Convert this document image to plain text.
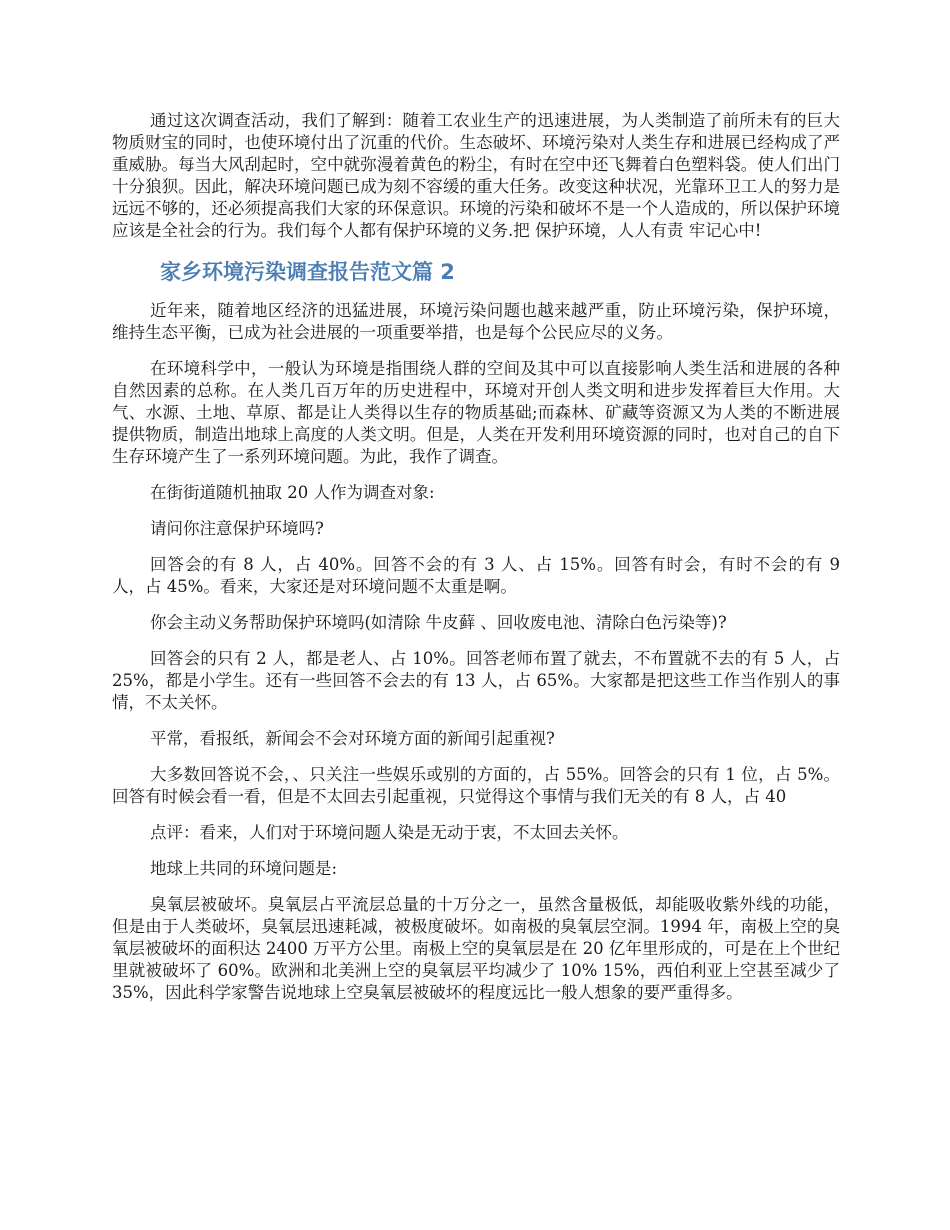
通过这次调查活动，我们了解到：随着工农业生产的迅速进展，为人类制造了前所未有的巨大物质财宝的同时，也使环境付出了沉重的代价。生态破坏、环境污染对人类生存和进展已经构成了严重威胁。每当大风刮起时，空中就弥漫着黄色的粉尘，有时在空中还飞舞着白色塑料袋。使人们出门十分狼狈。因此，解决环境问题已成为刻不容缓的重大任务。改变这种状况，光靠环卫工人的努力是远远不够的，还必须提高我们大家的环保意识。环境的污染和破坏不是一个人造成的，所以保护环境应该是全社会的行为。我们每个人都有保护环境的义务.把 保护环境，人人有责 牢记心中!

家乡环境污染调查报告范文篇 2

近年来，随着地区经济的迅猛进展，环境污染问题也越来越严重，防止环境污染，保护环境，维持生态平衡，已成为社会进展的一项重要举措，也是每个公民应尽的义务。

在环境科学中，一般认为环境是指围绕人群的空间及其中可以直接影响人类生活和进展的各种自然因素的总称。在人类几百万年的历史进程中，环境对开创人类文明和进步发挥着巨大作用。大气、水源、土地、草原、都是让人类得以生存的物质基础;而森林、矿藏等资源又为人类的不断进展提供物质，制造出地球上高度的人类文明。但是，人类在开发利用环境资源的同时，也对自己的自下生存环境产生了一系列环境问题。为此，我作了调查。

在街街道随机抽取 20 人作为调查对象:

请问你注意保护环境吗?

回答会的有 8 人，占 40%。回答不会的有 3 人、占 15%。回答有时会，有时不会的有 9 人，占 45%。看来，大家还是对环境问题不太重是啊。

你会主动义务帮助保护环境吗(如清除 牛皮藓 、回收废电池、清除白色污染等)?

回答会的只有 2 人，都是老人、占 10%。回答老师布置了就去，不布置就不去的有 5 人，占 25%，都是小学生。还有一些回答不会去的有 13 人，占 65%。大家都是把这些工作当作别人的事情，不太关怀。

平常，看报纸，新闻会不会对环境方面的新闻引起重视?

大多数回答说不会，、只关注一些娱乐或别的方面的，占 55%。回答会的只有 1 位，占 5%。回答有时候会看一看，但是不太回去引起重视，只觉得这个事情与我们无关的有 8 人，占 40

点评：看来，人们对于环境问题人染是无动于衷，不太回去关怀。

地球上共同的环境问题是:

臭氧层被破坏。臭氧层占平流层总量的十万分之一，虽然含量极低，却能吸收紫外线的功能，但是由于人类破坏，臭氧层迅速耗减，被极度破坏。如南极的臭氧层空洞。1994 年，南极上空的臭氧层被破坏的面积达 2400 万平方公里。南极上空的臭氧层是在 20 亿年里形成的，可是在上个世纪里就被破坏了 60%。欧洲和北美洲上空的臭氧层平均减少了 10% 15%，西伯利亚上空甚至减少了 35%，因此科学家警告说地球上空臭氧层被破坏的程度远比一般人想象的要严重得多。
